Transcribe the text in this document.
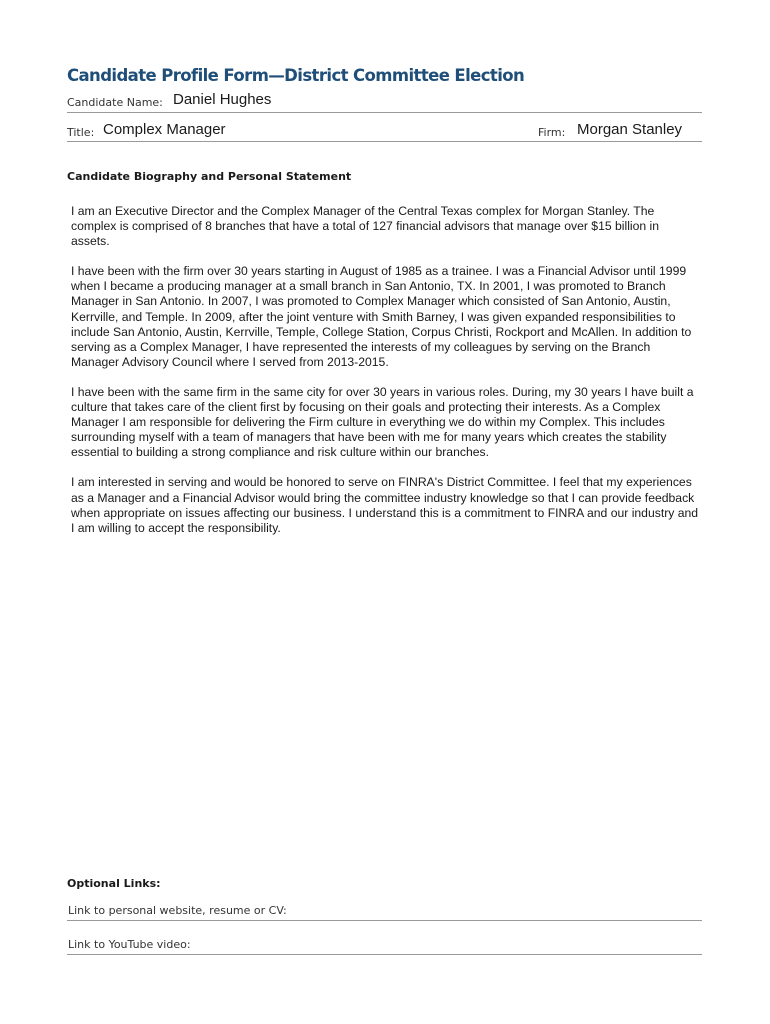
Candidate Profile Form—District Committee Election
Candidate Name: Daniel Hughes
Title: Complex Manager	Firm: Morgan Stanley
Candidate Biography and Personal Statement

I am an Executive Director and the Complex Manager of the Central Texas complex for Morgan Stanley. The complex is comprised of 8 branches that have a total of 127 financial advisors that manage over $15 billion in assets.

I have been with the firm over 30 years starting in August of 1985 as a trainee. I was a Financial Advisor until 1999 when I became a producing manager at a small branch in San Antonio, TX. In 2001, I was promoted to Branch Manager in San Antonio. In 2007, I was promoted to Complex Manager which consisted of San Antonio, Austin, Kerrville, and Temple. In 2009, after the joint venture with Smith Barney, I was given expanded responsibilities to include San Antonio, Austin, Kerrville, Temple, College Station, Corpus Christi, Rockport and McAllen. In addition to serving as a Complex Manager, I have represented the interests of my colleagues by serving on the Branch Manager Advisory Council where I served from 2013-2015.

I have been with the same firm in the same city for over 30 years in various roles. During, my 30 years I have built a culture that takes care of the client first by focusing on their goals and protecting their interests. As a Complex Manager I am responsible for delivering the Firm culture in everything we do within my Complex. This includes surrounding myself with a team of managers that have been with me for many years which creates the stability essential to building a strong compliance and risk culture within our branches.

I am interested in serving and would be honored to serve on FINRA's District Committee. I feel that my experiences as a Manager and a Financial Advisor would bring the committee industry knowledge so that I can provide feedback when appropriate on issues affecting our business. I understand this is a commitment to FINRA and our industry and I am willing to accept the responsibility.

Optional Links:
Link to personal website, resume or CV:
Link to YouTube video:
